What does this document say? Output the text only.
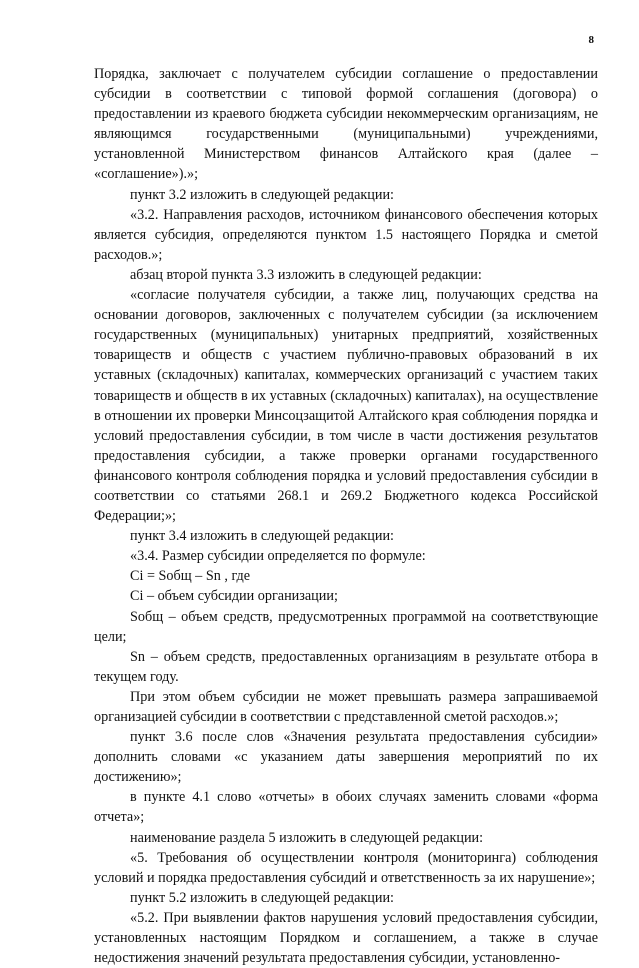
8

Порядка, заключает с получателем субсидии соглашение о предоставлении субсидии в соответствии с типовой формой соглашения (договора) о предоставлении из краевого бюджета субсидии некоммерческим организациям, не являющимся государственными (муниципальными) учреждениями, установленной Министерством финансов Алтайского края (далее – «соглашение»).»;

пункт 3.2 изложить в следующей редакции:

«3.2. Направления расходов, источником финансового обеспечения которых является субсидия, определяются пунктом 1.5 настоящего Порядка и сметой расходов.»;

абзац второй пункта 3.3 изложить в следующей редакции:

«согласие получателя субсидии, а также лиц, получающих средства на основании договоров, заключенных с получателем субсидии (за исключением государственных (муниципальных) унитарных предприятий, хозяйственных товариществ и обществ с участием публично-правовых образований в их уставных (складочных) капиталах, коммерческих организаций с участием таких товариществ и обществ в их уставных (складочных) капиталах), на осуществление в отношении их проверки Минсоцзащитой Алтайского края соблюдения порядка и условий предоставления субсидии, в том числе в части достижения результатов предоставления субсидии, а также проверки органами государственного финансового контроля соблюдения порядка и условий предоставления субсидии в соответствии со статьями 268.1 и 269.2 Бюджетного кодекса Российской Федерации;»;

пункт 3.4 изложить в следующей редакции:

«3.4. Размер субсидии определяется по формуле:

Ci = Sобщ – Sn , где

Ci – объем субсидии организации;

Sобщ – объем средств, предусмотренных программой на соответствующие цели;

Sn – объем средств, предоставленных организациям в результате отбора в текущем году.

При этом объем субсидии не может превышать размера запрашиваемой организацией субсидии в соответствии с представленной сметой расходов.»;

пункт 3.6 после слов «Значения результата предоставления субсидии» дополнить словами «с указанием даты завершения мероприятий по их достижению»;

в пункте 4.1 слово «отчеты» в обоих случаях заменить словами «форма отчета»;

наименование раздела 5 изложить в следующей редакции:

«5. Требования об осуществлении контроля (мониторинга) соблюдения условий и порядка предоставления субсидий и ответственность за их нарушение»;

пункт 5.2 изложить в следующей редакции:

«5.2. При выявлении фактов нарушения условий предоставления субсидии, установленных настоящим Порядком и соглашением, а также в случае недостижения значений результата предоставления субсидии, установленно-
